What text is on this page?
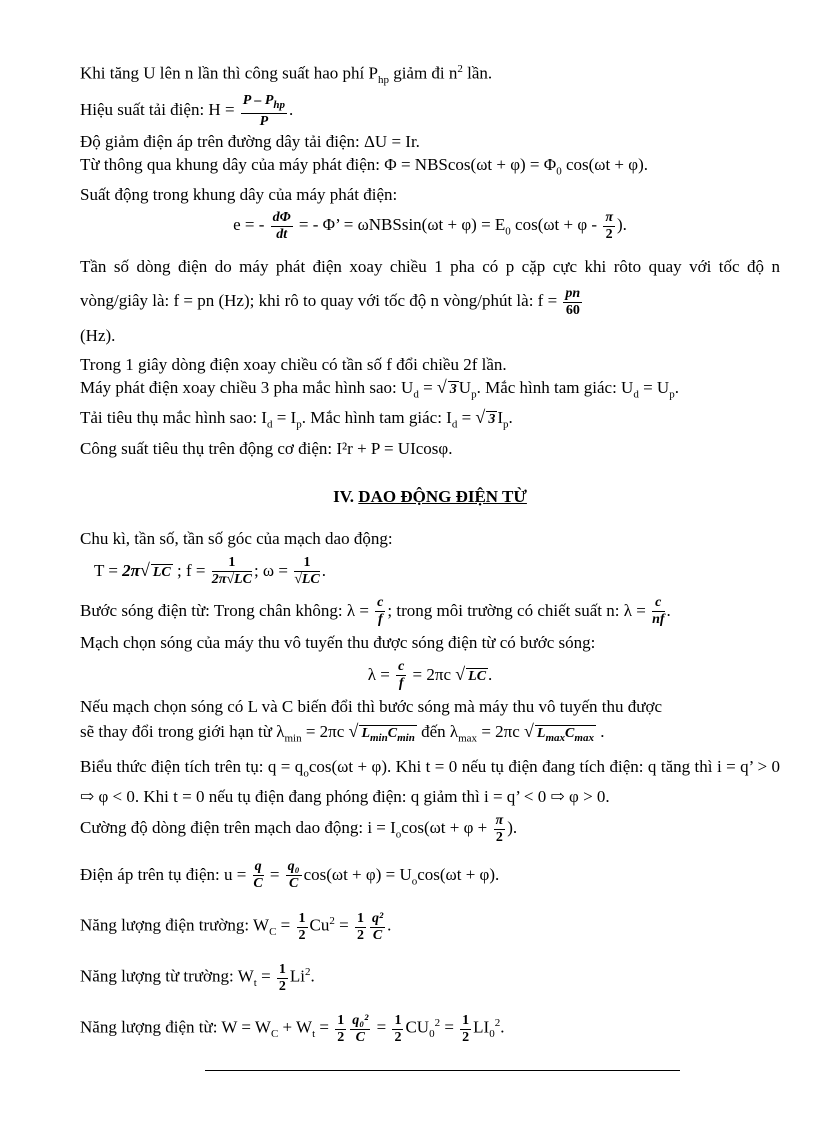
Khi tăng U lên n lần thì công suất hao phí $P_{hp}$ giảm đi $n^2$ lần.

Hiệu suất tải điện: $H = \frac{P - P_{hp}}{P}$ .

Độ giảm điện áp trên đường dây tải điện: ΔU = Ir.

Từ thông qua khung dây của máy phát điện: $\Phi = NBScos(\omega t + \varphi) = \Phi_0$ cos(ωt + φ).

Suất động trong khung dây của máy phát điện:

e = - $\frac{d\Phi}{dt}$ = - Φ’ = $\omega NBSsin(\omega t + \varphi) = E_0$ $\cos(\omega t + \varphi - \frac{\pi}{2}$ ).

Tần số dòng điện do máy phát điện xoay chiều 1 pha có p cặp cực khi rôto quay với tốc độ n vòng/giây là: f = pn (Hz); khi rô to quay với tốc độ n vòng/phút là: $f = \frac{pn}{60}$

(Hz).

Trong 1 giây dòng điện xoay chiều có tần số f đổi chiều 2f lần.

Máy phát điện xoay chiều 3 pha mắc hình sao: $U_d$ = √ 3 $U_p$. Mắc hình tam giác: $U_d = U_p$.

Tải tiêu thụ mắc hình sao: $I_d = I_p$. Mắc hình tam giác: $I_d$ = √ 3 $I_p$.

Công suất tiêu thụ trên động cơ điện: I²r + P = UIcosφ.

IV. DAO ĐỘNG ĐIỆN TỪ

Chu kì, tần số, tần số góc của mạch dao động:

T = 2π√ LC ; $f = \frac{1}{2\pi√LC}$ ; $\omega = \frac{1}{√LC}$ .

Bước sóng điện từ: Trong chân không: $\lambda = \frac{c}{f}$ ; trong môi trường có chiết suất n: $\lambda = \frac{c}{nf}$ .

Mạch chọn sóng của máy thu vô tuyến thu được sóng điện từ có bước sóng:

$\lambda = \frac{c}{f} = 2\pi c$ √ LC .

Nếu mạch chọn sóng có L và C biến đổi thì bước sóng mà máy thu vô tuyến thu được

sẽ thay đổi trong giới hạn từ $\lambda_{min} = 2\pi c$ √ $L_{min}C_{min}$ đến $\lambda_{max} = 2\pi c$ √ $L_{max}C_{max}$ .

Biểu thức điện tích trên tụ: $q = q_o\cos(\omega t + \varphi)$. Khi t = 0 nếu tụ điện đang tích điện: q tăng thì i = q’ > 0 ⇨ φ < 0. Khi t = 0 nếu tụ điện đang phóng điện: q giảm thì i = q’ < 0 ⇨ φ > 0.

Cường độ dòng điện trên mạch dao động: $i = I_o\cos(\omega t + \varphi + \frac{\pi}{2}$ ).

Điện áp trên tụ điện: $u = \frac{q}{C} = \frac{\text{q₀}}{C} \cos(\omega t + \varphi) = U_o\cos(\omega t + \varphi)$.

Năng lượng điện trường: $W_C = \frac{1}{2} Cu^2 = \frac{1}{2} \frac{\text{q²}}{C}$ .

Năng lượng từ trường: $W_t = \frac{1}{2} Li^2$.

Năng lượng điện từ: $W = W_C + W_t = \frac{1}{2} \frac{\text{q₀²}}{C} = \frac{1}{2} CU_0^2 = \frac{1}{2} LI_0^2$.
